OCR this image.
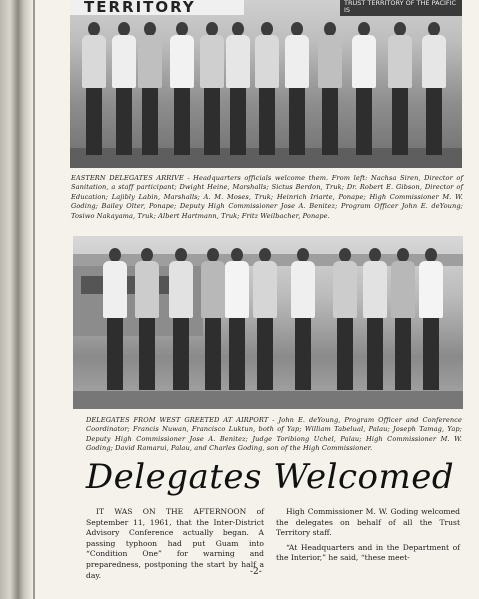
TERRITORY	TRUST TERRITORY OF THE PACIFIC IS
EASTERN DELEGATES ARRIVE - Headquarters officials welcome them. From left: Nachsa Siren, Director of Sanitation, a staff participant; Dwight Heine, Marshalls; Sictus Berdon, Truk; Dr. Robert E. Gibson, Director of Education; Lajibly Labin, Marshalls; A. M. Moses, Truk; Heinrich Iriarte, Ponape; High Commissioner M. W. Goding; Bailey Olter, Ponape; Deputy High Commissioner Jose A. Benitez; Program Officer John E. deYoung; Tosiwo Nakayama, Truk; Albert Hartmann, Truk; Fritz Weilbacher, Ponape.
DELEGATES FROM WEST GREETED AT AIRPORT - John E. deYoung, Program Officer and Conference Coordinator; Francis Nuwan, Francisco Luktun, both of Yap; William Tabelual, Palau; Joseph Tamag, Yap; Deputy High Commissioner Jose A. Benitez; Judge Toribiong Uchel, Palau; High Commissioner M. W. Goding; David Ramarui, Palau, and Charles Goding, son of the High Commissioner.
Delegates Welcomed

IT WAS ON THE AFTERNOON of September 11, 1961, that the Inter-District Advisory Conference actually began. A passing typhoon had put Guam into “Condition One” for warning and preparedness, postponing the start by half a day.

High Commissioner M. W. Goding welcomed the delegates on behalf of all the Trust Territory staff.

“At Headquarters and in the Department of the Interior,” he said, “these meet-

-2-
